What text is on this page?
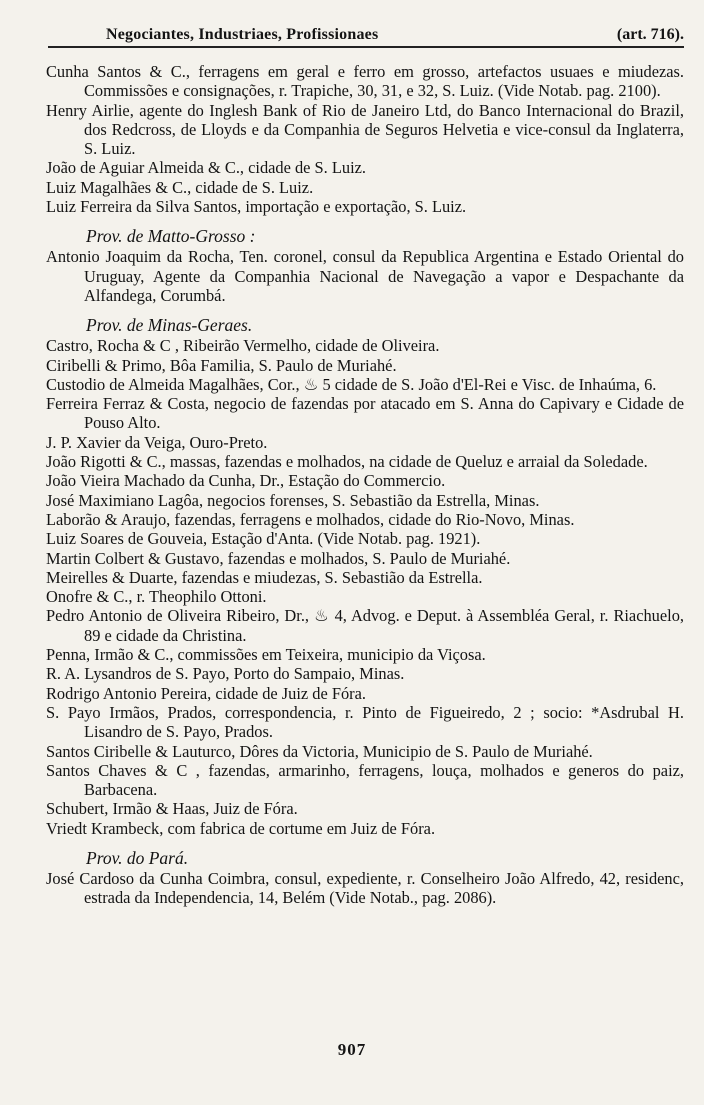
Negociantes, Industriaes, Profissionaes	(art. 716).

Cunha Santos & C., ferragens em geral e ferro em grosso, artefactos usuaes e miudezas. Commissões e consignações, r. Trapiche, 30, 31, e 32, S. Luiz. (Vide Notab. pag. 2100).

Henry Airlie, agente do Inglesh Bank of Rio de Janeiro Ltd, do Banco Internacional do Brazil, dos Redcross, de Lloyds e da Companhia de Seguros Helvetia e vice-consul da Inglaterra, S. Luiz.

João de Aguiar Almeida & C., cidade de S. Luiz.

Luiz Magalhães & C., cidade de S. Luiz.

Luiz Ferreira da Silva Santos, importação e exportação, S. Luiz.

Prov. de Matto-Grosso :

Antonio Joaquim da Rocha, Ten. coronel, consul da Republica Argentina e Estado Oriental do Uruguay, Agente da Companhia Nacional de Navegação a vapor e Despachante da Alfandega, Corumbá.

Prov. de Minas-Geraes.

Castro, Rocha & C , Ribeirão Vermelho, cidade de Oliveira.

Ciribelli & Primo, Bôa Familia, S. Paulo de Muriahé.

Custodio de Almeida Magalhães, Cor., ♨ 5 cidade de S. João d'El-Rei e Visc. de Inhaúma, 6.

Ferreira Ferraz & Costa, negocio de fazendas por atacado em S. Anna do Capivary e Cidade de Pouso Alto.

J. P. Xavier da Veiga, Ouro-Preto.

João Rigotti & C., massas, fazendas e molhados, na cidade de Queluz e arraial da Soledade.

João Vieira Machado da Cunha, Dr., Estação do Commercio.

José Maximiano Lagôa, negocios forenses, S. Sebastião da Estrella, Minas.

Laborão & Araujo, fazendas, ferragens e molhados, cidade do Rio-Novo, Minas.

Luiz Soares de Gouveia, Estação d'Anta. (Vide Notab. pag. 1921).

Martin Colbert & Gustavo, fazendas e molhados, S. Paulo de Muriahé.

Meirelles & Duarte, fazendas e miudezas, S. Sebastião da Estrella.

Onofre & C., r. Theophilo Ottoni.

Pedro Antonio de Oliveira Ribeiro, Dr., ♨ 4, Advog. e Deput. à Assembléa Geral, r. Riachuelo, 89 e cidade da Christina.

Penna, Irmão & C., commissões em Teixeira, municipio da Viçosa.

R. A. Lysandros de S. Payo, Porto do Sampaio, Minas.

Rodrigo Antonio Pereira, cidade de Juiz de Fóra.

S. Payo Irmãos, Prados, correspondencia, r. Pinto de Figueiredo, 2 ; socio: *Asdrubal H. Lisandro de S. Payo, Prados.

Santos Ciribelle & Lauturco, Dôres da Victoria, Municipio de S. Paulo de Muriahé.

Santos Chaves & C , fazendas, armarinho, ferragens, louça, molhados e generos do paiz, Barbacena.

Schubert, Irmão & Haas, Juiz de Fóra.

Vriedt Krambeck, com fabrica de cortume em Juiz de Fóra.

Prov. do Pará.

José Cardoso da Cunha Coimbra, consul, expediente, r. Conselheiro João Alfredo, 42, residenc, estrada da Independencia, 14, Belém (Vide Notab., pag. 2086).

907
